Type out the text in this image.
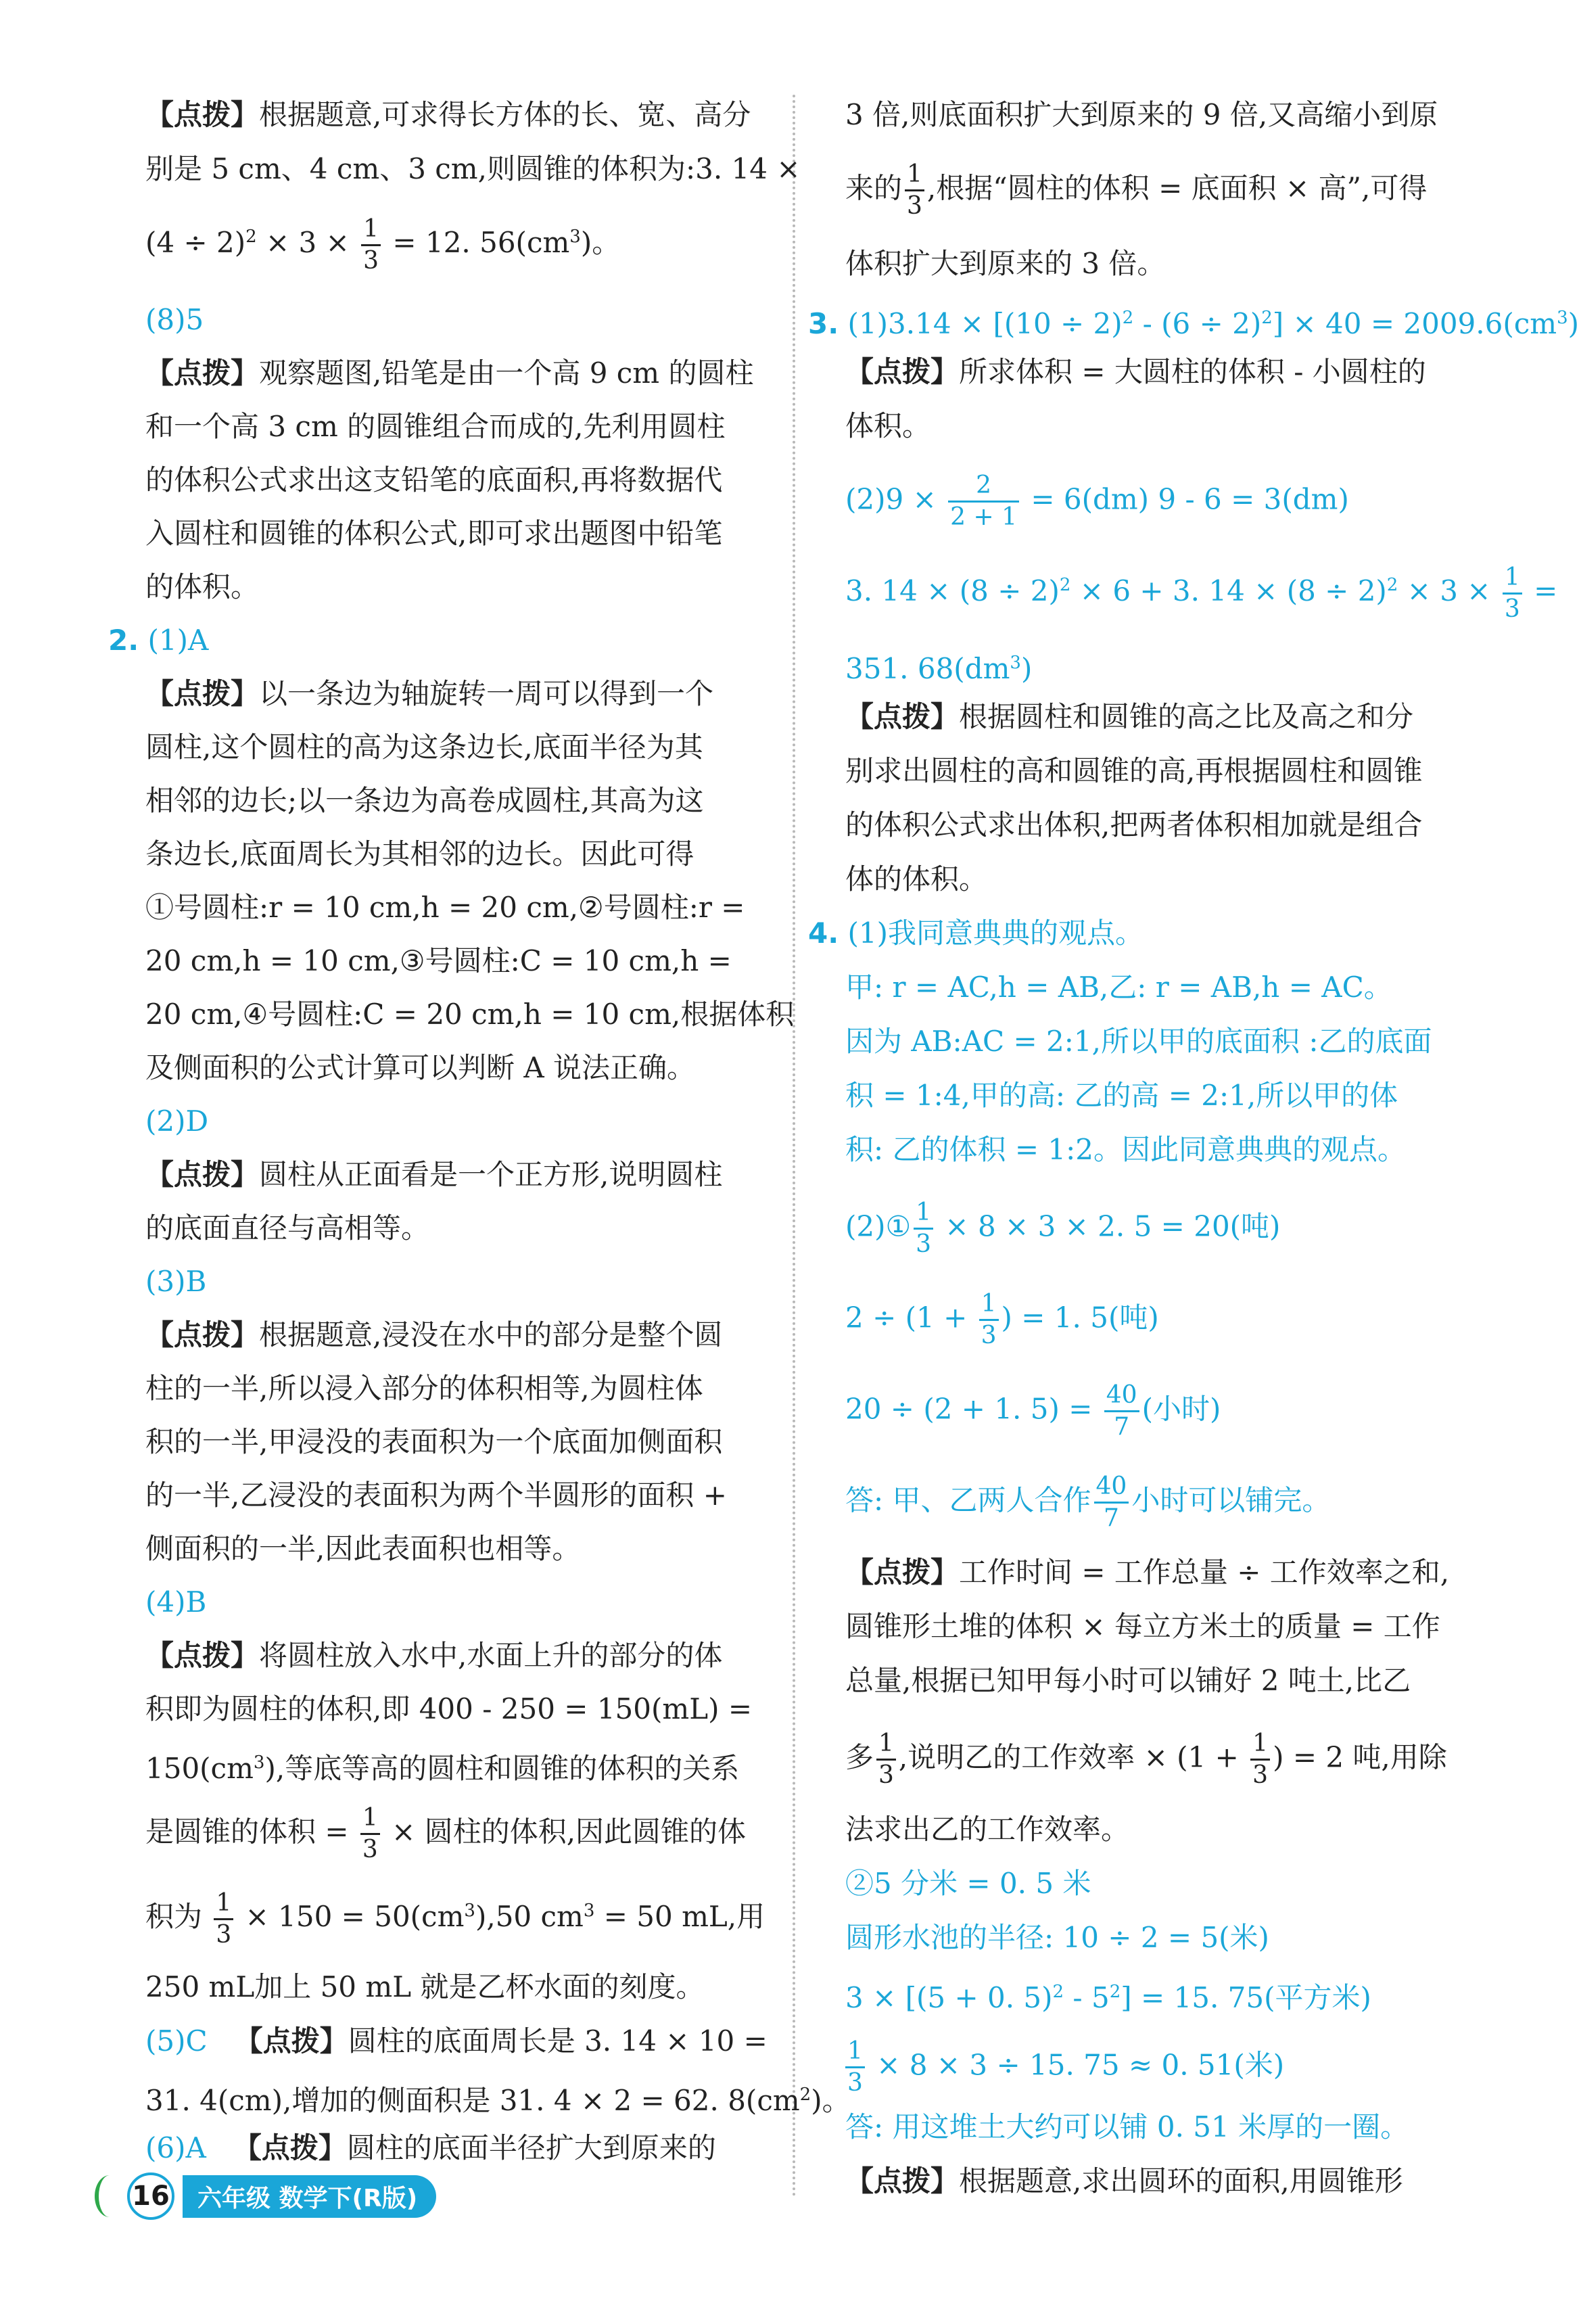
【点拨】根据题意,可求得长方体的长、宽、高分
别是 5 cm、4 cm、3 cm,则圆锥的体积为:3. 14 ×
$(4 \div 2)^2 \times 3 \times \frac{1}{3} = 12$. $56(cm^3)$。
(8)5
【点拨】观察题图,铅笔是由一个高 9 cm 的圆柱
和一个高 3 cm 的圆锥组合而成的,先利用圆柱
的体积公式求出这支铅笔的底面积,再将数据代
入圆柱和圆锥的体积公式,即可求出题图中铅笔
的体积。
2. (1)A
【点拨】以一条边为轴旋转一周可以得到一个
圆柱,这个圆柱的高为这条边长,底面半径为其
相邻的边长;以一条边为高卷成圆柱,其高为这
条边长,底面周长为其相邻的边长。因此可得
①号圆柱:r = 10 cm,h = 20 cm,②号圆柱:r =
20 cm,h = 10 cm,③号圆柱:C = 10 cm,h =
20 cm,④号圆柱:C = 20 cm,h = 10 cm,根据体积
及侧面积的公式计算可以判断 A 说法正确。
(2)D
【点拨】圆柱从正面看是一个正方形,说明圆柱
的底面直径与高相等。
(3)B
【点拨】根据题意,浸没在水中的部分是整个圆
柱的一半,所以浸入部分的体积相等,为圆柱体
积的一半,甲浸没的表面积为一个底面加侧面积
的一半,乙浸没的表面积为两个半圆形的面积 +
侧面积的一半,因此表面积也相等。
(4)B
【点拨】将圆柱放入水中,水面上升的部分的体
积即为圆柱的体积,即 400 - 250 = 150(mL) =
$150(cm^3)$,等底等高的圆柱和圆锥的体积的关系
是圆锥的体积 = $\frac{1}{3}$ × 圆柱的体积,因此圆锥的体
积为 $\frac{1}{3} \times 150 = 50(cm^3),50$ $cm^3 = 50$ mL,用
250 mL加上 50 mL 就是乙杯水面的刻度。
(5)C 【点拨】圆柱的底面周长是 3. 14 × 10 =
31. 4(cm),增加的侧面积是 31. 4 × 2 = 62. $8(cm^2)$。
(6)A 【点拨】圆柱的底面半径扩大到原来的
3 倍,则底面积扩大到原来的 9 倍,又高缩小到原
来的 $\frac{1}{3}$ ,根据“圆柱的体积 = 底面积 × 高”,可得
体积扩大到原来的 3 倍。
3. $(1)3.14 \times [(10 \div 2)^2 - (6 \div 2)^2] \times 40 = 2009.6(cm^3)$
【点拨】所求体积 = 大圆柱的体积 - 小圆柱的
体积。
$(2)9 \times \frac{2}{2 + 1} = 6(dm)$ 9 - 6 = 3(dm)
3. $14 \times (8 \div 2)^2 \times 6 + 3$. $14 \times (8 \div 2)^2 \times 3 \times \frac{1}{3}$ =
351. $68(dm^3)$
【点拨】根据圆柱和圆锥的高之比及高之和分
别求出圆柱的高和圆锥的高,再根据圆柱和圆锥
的体积公式求出体积,把两者体积相加就是组合
体的体积。
4. (1)我同意典典的观点。
甲: r = AC,h = AB,乙: r = AB,h = AC。
因为 AB:AC = 2:1,所以甲的底面积 :乙的底面
积 = 1:4,甲的高: 乙的高 = 2:1,所以甲的体
积: 乙的体积 = 1:2。因此同意典典的观点。
(2)① $\frac{1}{3} \times 8 \times 3 \times 2$. 5 = 20(吨)
$2 \div (1 + \frac{1}{3}$ ) = 1. 5(吨)
20 ÷ (2 + 1. $5) = \frac{40}{7}$ (小时)
答: 甲、乙两人合作 $\frac{40}{7}$ 小时可以铺完。
【点拨】工作时间 = 工作总量 ÷ 工作效率之和,
圆锥形土堆的体积 × 每立方米土的质量 = 工作
总量,根据已知甲每小时可以铺好 2 吨土,比乙
多 $\frac{1}{3}$ ,说明乙的工作效率 × ($1 + \frac{1}{3}$ ) = 2 吨,用除
法求出乙的工作效率。
②5 分米 = 0. 5 米
圆形水池的半径: 10 ÷ 2 = 5(米)
3 × [(5 + 0. $5)^2 - 5^2] = 15$. 75(平方米)
$\frac{1}{3} \times 8 \times 3 \div 15$. 75 ≈ 0. 51(米)
答: 用这堆土大约可以铺 0. 51 米厚的一圈。
【点拨】根据题意,求出圆环的面积,用圆锥形
16	六年级 数学下(R版)
